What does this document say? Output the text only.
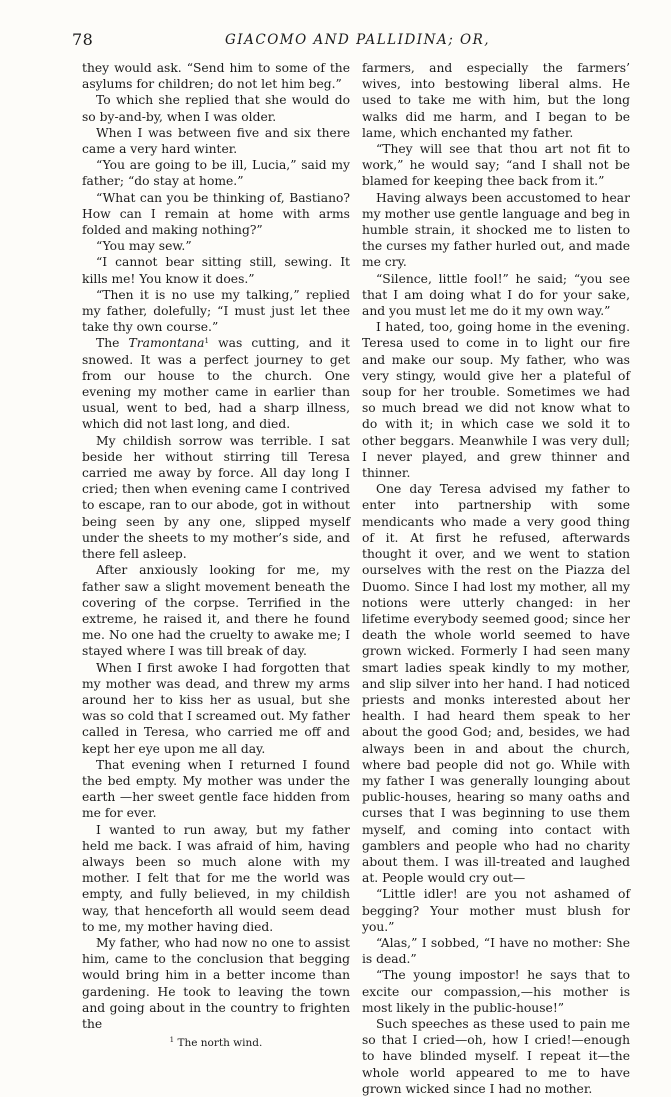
78	GIACOMO AND PALLIDINA; OR,

they would ask. “Send him to some of the asylums for children; do not let him beg.”

To which she replied that she would do so by-and-by, when I was older.

When I was between five and six there came a very hard winter.

“You are going to be ill, Lucia,” said my father; “do stay at home.”

“What can you be thinking of, Bastiano? How can I remain at home with arms folded and making nothing?”

“You may sew.”

“I cannot bear sitting still, sewing. It kills me! You know it does.”

“Then it is no use my talking,” replied my father, dolefully; “I must just let thee take thy own course.”

The Tramontana$^1$ was cutting, and it snowed. It was a perfect journey to get from our house to the church. One evening my mother came in earlier than usual, went to bed, had a sharp illness, which did not last long, and died.

My childish sorrow was terrible. I sat beside her without stirring till Teresa carried me away by force. All day long I cried; then when evening came I contrived to escape, ran to our abode, got in without being seen by any one, slipped myself under the sheets to my mother’s side, and there fell asleep.

After anxiously looking for me, my father saw a slight movement beneath the covering of the corpse. Terrified in the extreme, he raised it, and there he found me. No one had the cruelty to awake me; I stayed where I was till break of day.

When I first awoke I had forgotten that my mother was dead, and threw my arms around her to kiss her as usual, but she was so cold that I screamed out. My father called in Teresa, who carried me off and kept her eye upon me all day.

That evening when I returned I found the bed empty. My mother was under the earth —her sweet gentle face hidden from me for ever.

I wanted to run away, but my father held me back. I was afraid of him, having always been so much alone with my mother. I felt that for me the world was empty, and fully believed, in my childish way, that henceforth all would seem dead to me, my mother having died.

My father, who had now no one to assist him, came to the conclusion that begging would bring him in a better income than gardening. He took to leaving the town and going about in the country to frighten the

$^1$ The north wind.

farmers, and especially the farmers’ wives, into bestowing liberal alms. He used to take me with him, but the long walks did me harm, and I began to be lame, which enchanted my father.

“They will see that thou art not fit to work,” he would say; “and I shall not be blamed for keeping thee back from it.”

Having always been accustomed to hear my mother use gentle language and beg in humble strain, it shocked me to listen to the curses my father hurled out, and made me cry.

“Silence, little fool!” he said; “you see that I am doing what I do for your sake, and you must let me do it my own way.”

I hated, too, going home in the evening. Teresa used to come in to light our fire and make our soup. My father, who was very stingy, would give her a plateful of soup for her trouble. Sometimes we had so much bread we did not know what to do with it; in which case we sold it to other beggars. Meanwhile I was very dull; I never played, and grew thinner and thinner.

One day Teresa advised my father to enter into partnership with some mendicants who made a very good thing of it. At first he refused, afterwards thought it over, and we went to station ourselves with the rest on the Piazza del Duomo. Since I had lost my mother, all my notions were utterly changed: in her lifetime everybody seemed good; since her death the whole world seemed to have grown wicked. Formerly I had seen many smart ladies speak kindly to my mother, and slip silver into her hand. I had noticed priests and monks interested about her health. I had heard them speak to her about the good God; and, besides, we had always been in and about the church, where bad people did not go. While with my father I was generally lounging about public-houses, hearing so many oaths and curses that I was beginning to use them myself, and coming into contact with gamblers and people who had no charity about them. I was ill-treated and laughed at. People would cry out—

“Little idler! are you not ashamed of begging? Your mother must blush for you.”

“Alas,” I sobbed, “I have no mother: She is dead.”

“The young impostor! he says that to excite our compassion,—his mother is most likely in the public-house!”

Such speeches as these used to pain me so that I cried—oh, how I cried!—enough to have blinded myself. I repeat it—the whole world appeared to me to have grown wicked since I had no mother.
